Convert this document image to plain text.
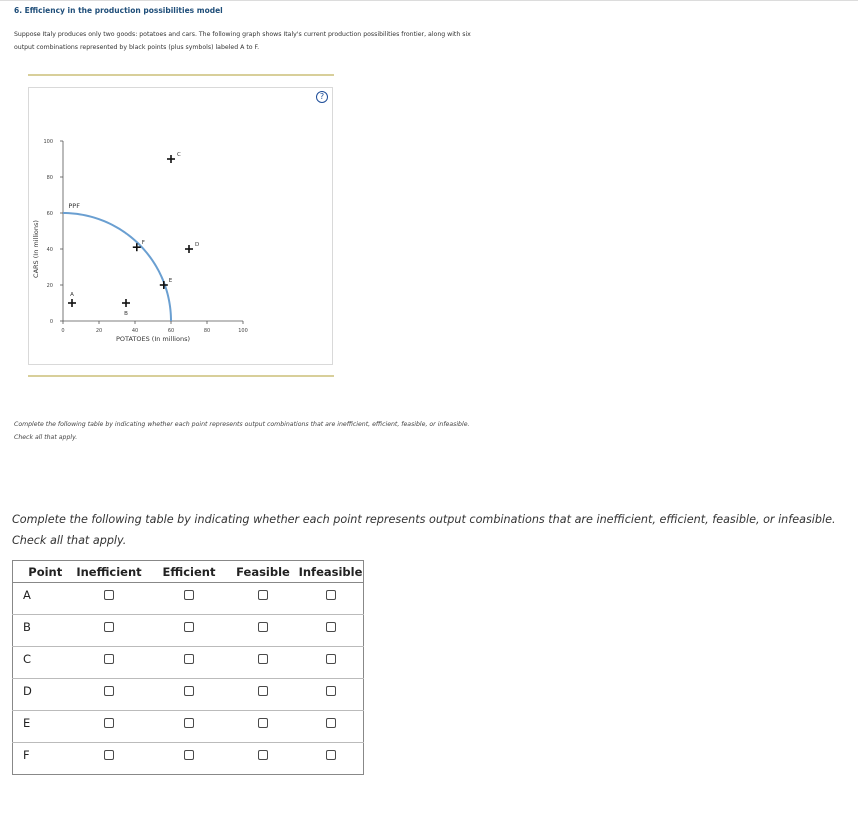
6. Efficiency in the production possibilities model
Suppose Italy produces only two goods: potatoes and cars. The following graph shows Italy's current production possibilities frontier, along with six
output combinations represented by black points (plus symbols) labeled A to F.
?
0
20
40
60
80
100
0	20	40	60	80	100
POTATOES (In millions)
CARS (In millions)
PPF
A
B
C
D
E
F
Complete the following table by indicating whether each point represents output combinations that are inefficient, efficient, feasible, or infeasible.
Check all that apply.
Complete the following table by indicating whether each point represents output combinations that are inefficient, efficient, feasible, or infeasible.
Check all that apply.
Point	Inefficient	Efficient	Feasible	Infeasible
A				
B				
C				
D				
E				
F				
